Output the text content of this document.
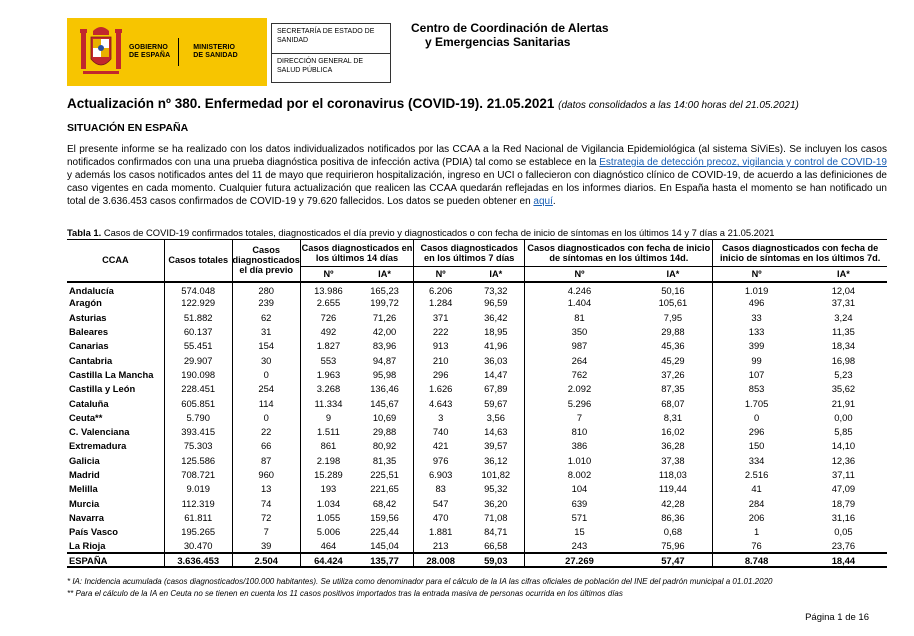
GOBIERNO
DE ESPAÑA
MINISTERIO
DE SANIDAD
SECRETARÍA DE ESTADO DE SANIDAD
DIRECCIÓN GENERAL DE SALUD PÚBLICA
Centro de Coordinación de Alertas
y Emergencias Sanitarias
Actualización nº 380. Enfermedad por el coronavirus (COVID-19). 21.05.2021 (datos consolidados a las 14:00 horas del 21.05.2021)
SITUACIÓN EN ESPAÑA
El presente informe se ha realizado con los datos individualizados notificados por las CCAA a la Red Nacional de Vigilancia Epidemiológica (al sistema SiViEs). Se incluyen los casos notificados confirmados con una una prueba diagnóstica positiva de infección activa (PDIA) tal como se establece en la Estrategia de detección precoz, vigilancia y control de COVID-19 y además los casos notificados antes del 11 de mayo que requirieron hospitalización, ingreso en UCI o fallecieron con diagnóstico clínico de COVID-19, de acuerdo a las definiciones de caso vigentes en cada momento. Cualquier futura actualización que realicen las CCAA quedarán reflejadas en los informes diarios. En España hasta el momento se han notificado un total de 3.636.453 casos confirmados de COVID-19 y 79.620 fallecidos. Los datos se pueden obtener en aquí.
Tabla 1. Casos de COVID-19 confirmados totales, diagnosticados el día previo y diagnosticados o con fecha de inicio de síntomas en los últimos 14 y 7 días a 21.05.2021
CCAA	Casos totales	Casos diagnosticados el día previo	Casos diagnosticados en los últimos 14 días		Casos diagnosticados en los últimos 7 días		Casos diagnosticados con fecha de inicio de síntomas en los últimos 14d.		Casos diagnosticados con fecha de inicio de síntomas en los últimos 7d.	
			Nº	IA*	Nº	IA*	Nº	IA*	Nº	IA*
Andalucía	574.048	280	13.986	165,23	6.206	73,32	4.246	50,16	1.019	12,04
Aragón	122.929	239	2.655	199,72	1.284	96,59	1.404	105,61	496	37,31
Asturias	51.882	62	726	71,26	371	36,42	81	7,95	33	3,24
Baleares	60.137	31	492	42,00	222	18,95	350	29,88	133	11,35
Canarias	55.451	154	1.827	83,96	913	41,96	987	45,36	399	18,34
Cantabria	29.907	30	553	94,87	210	36,03	264	45,29	99	16,98
Castilla La Mancha	190.098	0	1.963	95,98	296	14,47	762	37,26	107	5,23
Castilla y León	228.451	254	3.268	136,46	1.626	67,89	2.092	87,35	853	35,62
Cataluña	605.851	114	11.334	145,67	4.643	59,67	5.296	68,07	1.705	21,91
Ceuta**	5.790	0	9	10,69	3	3,56	7	8,31	0	0,00
C. Valenciana	393.415	22	1.511	29,88	740	14,63	810	16,02	296	5,85
Extremadura	75.303	66	861	80,92	421	39,57	386	36,28	150	14,10
Galicia	125.586	87	2.198	81,35	976	36,12	1.010	37,38	334	12,36
Madrid	708.721	960	15.289	225,51	6.903	101,82	8.002	118,03	2.516	37,11
Melilla	9.019	13	193	221,65	83	95,32	104	119,44	41	47,09
Murcia	112.319	74	1.034	68,42	547	36,20	639	42,28	284	18,79
Navarra	61.811	72	1.055	159,56	470	71,08	571	86,36	206	31,16
País Vasco	195.265	7	5.006	225,44	1.881	84,71	15	0,68	1	0,05
La Rioja	30.470	39	464	145,04	213	66,58	243	75,96	76	23,76
ESPAÑA	3.636.453	2.504	64.424	135,77	28.008	59,03	27.269	57,47	8.748	18,44
* IA: Incidencia acumulada (casos diagnosticados/100.000 habitantes). Se utiliza como denominador para el cálculo de la IA las cifras oficiales de población del INE del padrón municipal a 01.01.2020
** Para el cálculo de la IA en Ceuta no se tienen en cuenta los 11 casos positivos importados tras la entrada masiva de personas ocurrida en los últimos días
Página 1 de 16
